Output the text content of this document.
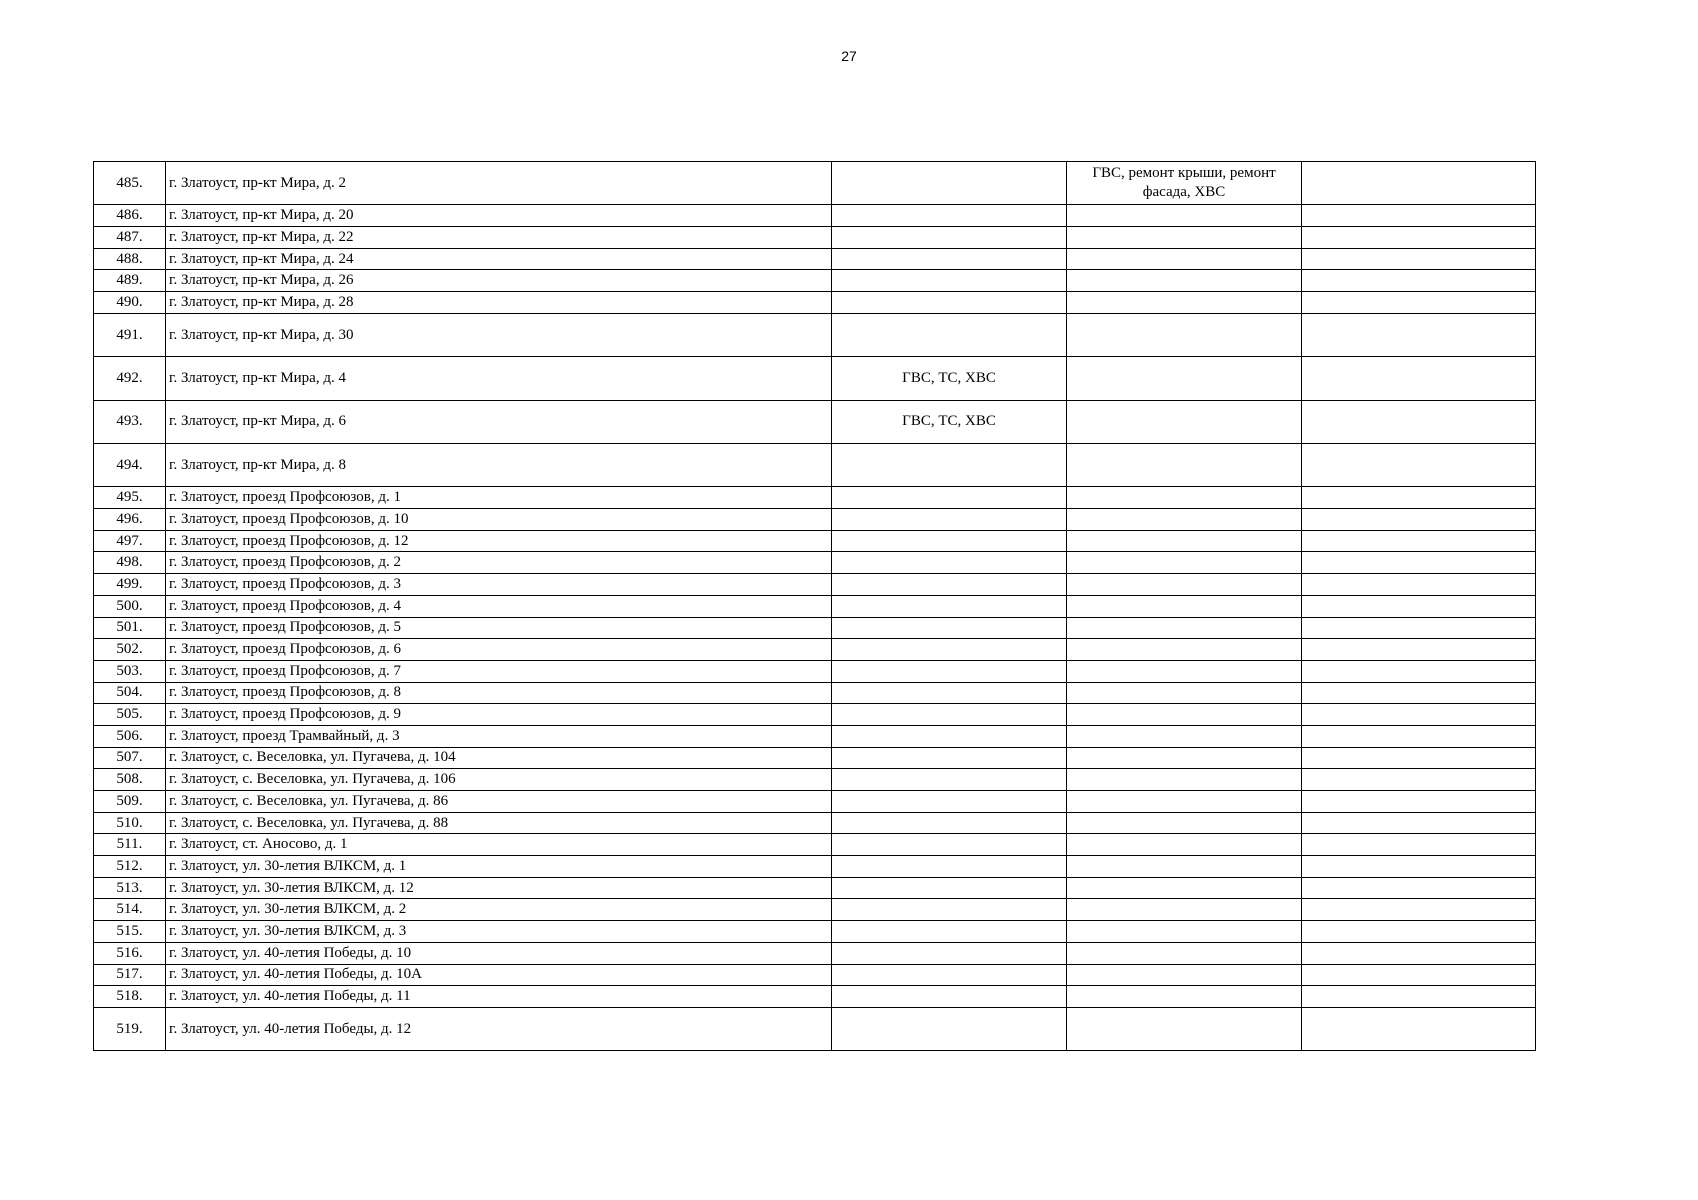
27
485.	г. Златоуст, пр-кт Мира, д. 2		ГВС, ремонт крыши, ремонт фасада, ХВС	
486.	г. Златоуст, пр-кт Мира, д. 20			
487.	г. Златоуст, пр-кт Мира, д. 22			
488.	г. Златоуст, пр-кт Мира, д. 24			
489.	г. Златоуст, пр-кт Мира, д. 26			
490.	г. Златоуст, пр-кт Мира, д. 28			
491.	г. Златоуст, пр-кт Мира, д. 30			
492.	г. Златоуст, пр-кт Мира, д. 4	ГВС, ТС, ХВС		
493.	г. Златоуст, пр-кт Мира, д. 6	ГВС, ТС, ХВС		
494.	г. Златоуст, пр-кт Мира, д. 8			
495.	г. Златоуст, проезд Профсоюзов, д. 1			
496.	г. Златоуст, проезд Профсоюзов, д. 10			
497.	г. Златоуст, проезд Профсоюзов, д. 12			
498.	г. Златоуст, проезд Профсоюзов, д. 2			
499.	г. Златоуст, проезд Профсоюзов, д. 3			
500.	г. Златоуст, проезд Профсоюзов, д. 4			
501.	г. Златоуст, проезд Профсоюзов, д. 5			
502.	г. Златоуст, проезд Профсоюзов, д. 6			
503.	г. Златоуст, проезд Профсоюзов, д. 7			
504.	г. Златоуст, проезд Профсоюзов, д. 8			
505.	г. Златоуст, проезд Профсоюзов, д. 9			
506.	г. Златоуст, проезд Трамвайный, д. 3			
507.	г. Златоуст, с. Веселовка, ул. Пугачева, д. 104			
508.	г. Златоуст, с. Веселовка, ул. Пугачева, д. 106			
509.	г. Златоуст, с. Веселовка, ул. Пугачева, д. 86			
510.	г. Златоуст, с. Веселовка, ул. Пугачева, д. 88			
511.	г. Златоуст, ст. Аносово, д. 1			
512.	г. Златоуст, ул. 30-летия ВЛКСМ, д. 1			
513.	г. Златоуст, ул. 30-летия ВЛКСМ, д. 12			
514.	г. Златоуст, ул. 30-летия ВЛКСМ, д. 2			
515.	г. Златоуст, ул. 30-летия ВЛКСМ, д. 3			
516.	г. Златоуст, ул. 40-летия Победы, д. 10			
517.	г. Златоуст, ул. 40-летия Победы, д. 10А			
518.	г. Златоуст, ул. 40-летия Победы, д. 11			
519.	г. Златоуст, ул. 40-летия Победы, д. 12			
